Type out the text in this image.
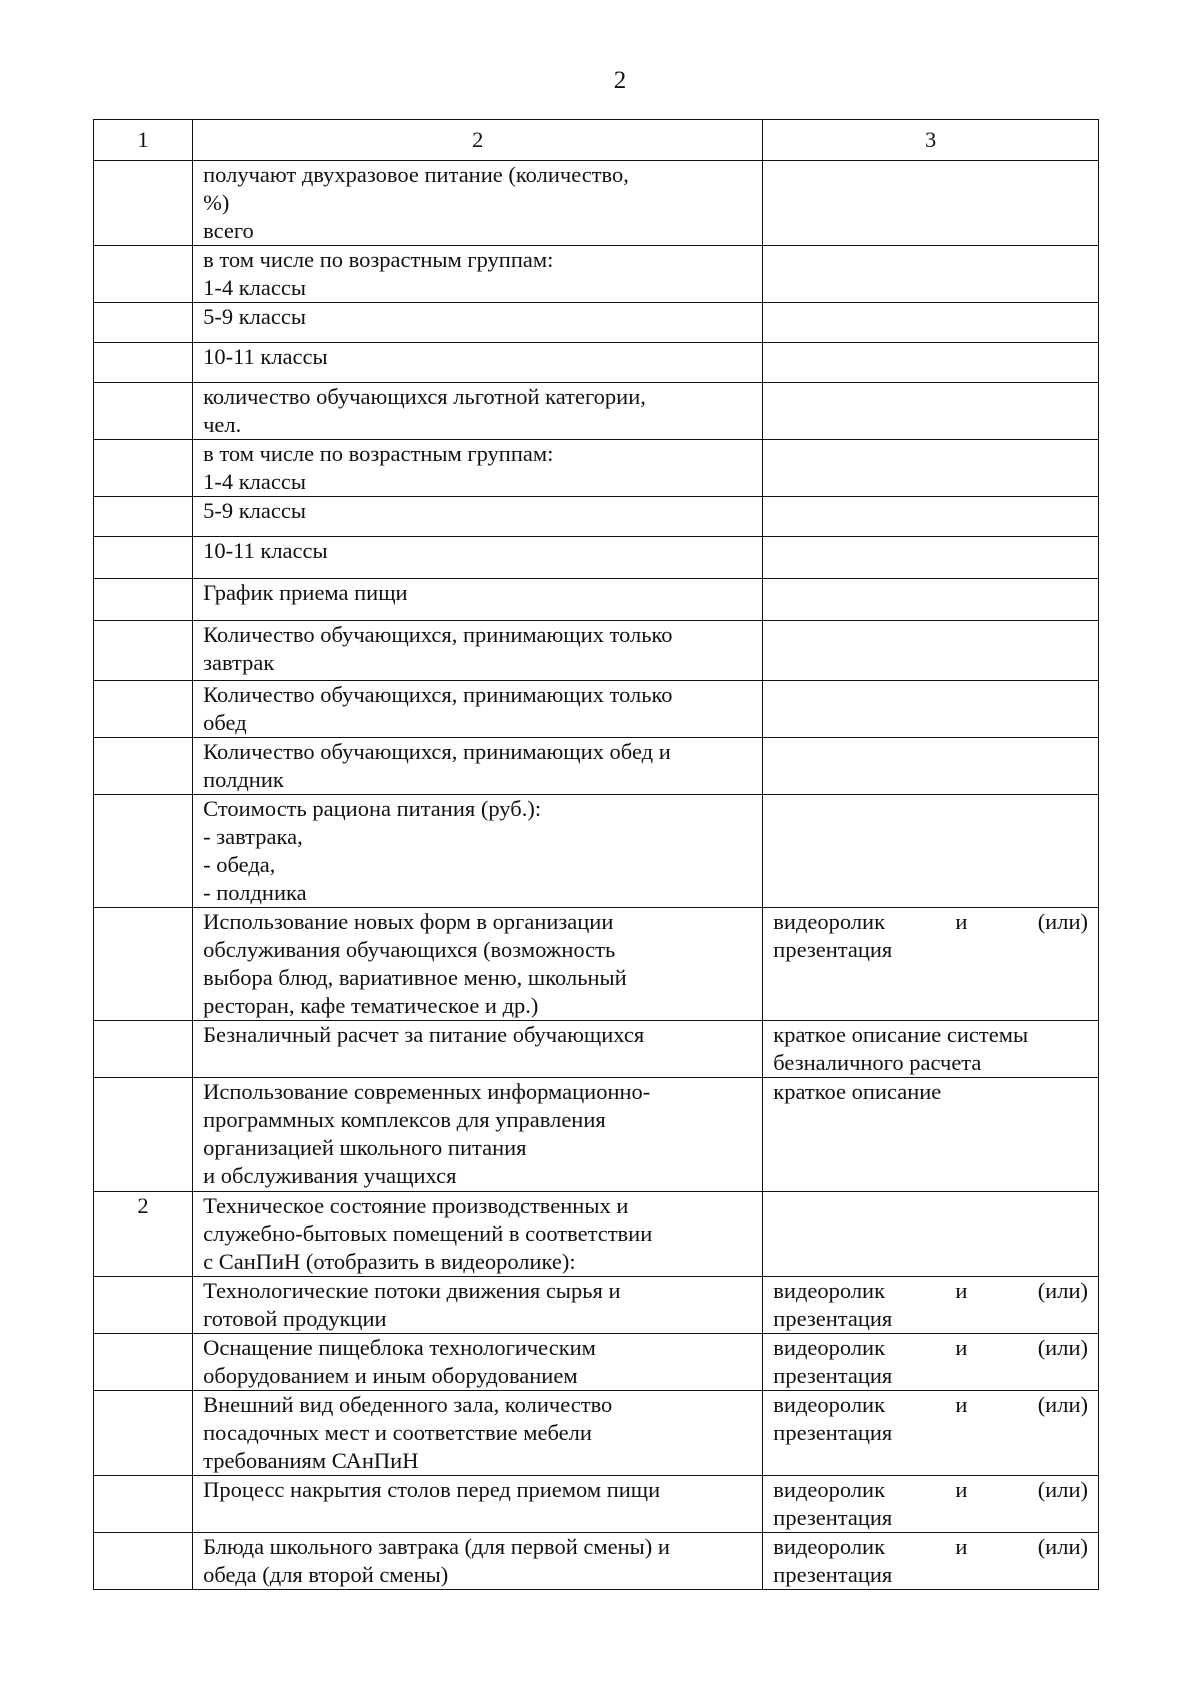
2
1	2	3

	получают двухразовое питание (количество,
%)
всего	

	в том числе по возрастным группам:
1-4 классы	

	5-9 классы	

	10-11 классы	

	количество обучающихся льготной категории,
чел.	

	в том числе по возрастным группам:
1-4 классы	

	5-9 классы	

	10-11 классы	

	График приема пищи	

	Количество обучающихся, принимающих только
завтрак	

	Количество обучающихся, принимающих только
обед	

	Количество обучающихся, принимающих обед и
полдник	

	Стоимость рациона питания (руб.):
- завтрака,
- обеда,
- полдника	

	Использование новых форм в организации
обслуживания обучающихся (возможность
выбора блюд, вариативное меню, школьный
ресторан, кафе тематическое и др.)	видеоролик и (или)
презентация

	Безналичный расчет за питание обучающихся	краткое описание системы
безналичного расчета

	Использование современных информационно-
программных комплексов для управления
организацией школьного питания
и обслуживания учащихся	краткое описание

2	Техническое состояние производственных и
служебно-бытовых помещений в соответствии
с СанПиН (отобразить в видеоролике):	

	Технологические потоки движения сырья и
готовой продукции	видеоролик и (или)
презентация

	Оснащение пищеблока технологическим
оборудованием и иным оборудованием	видеоролик и (или)
презентация

	Внешний вид обеденного зала, количество
посадочных мест и соответствие мебели
требованиям САнПиН	видеоролик и (или)
презентация

	Процесс накрытия столов перед приемом пищи	видеоролик и (или)
презентация

	Блюда школьного завтрака (для первой смены) и
обеда (для второй смены)	видеоролик и (или)
презентация
